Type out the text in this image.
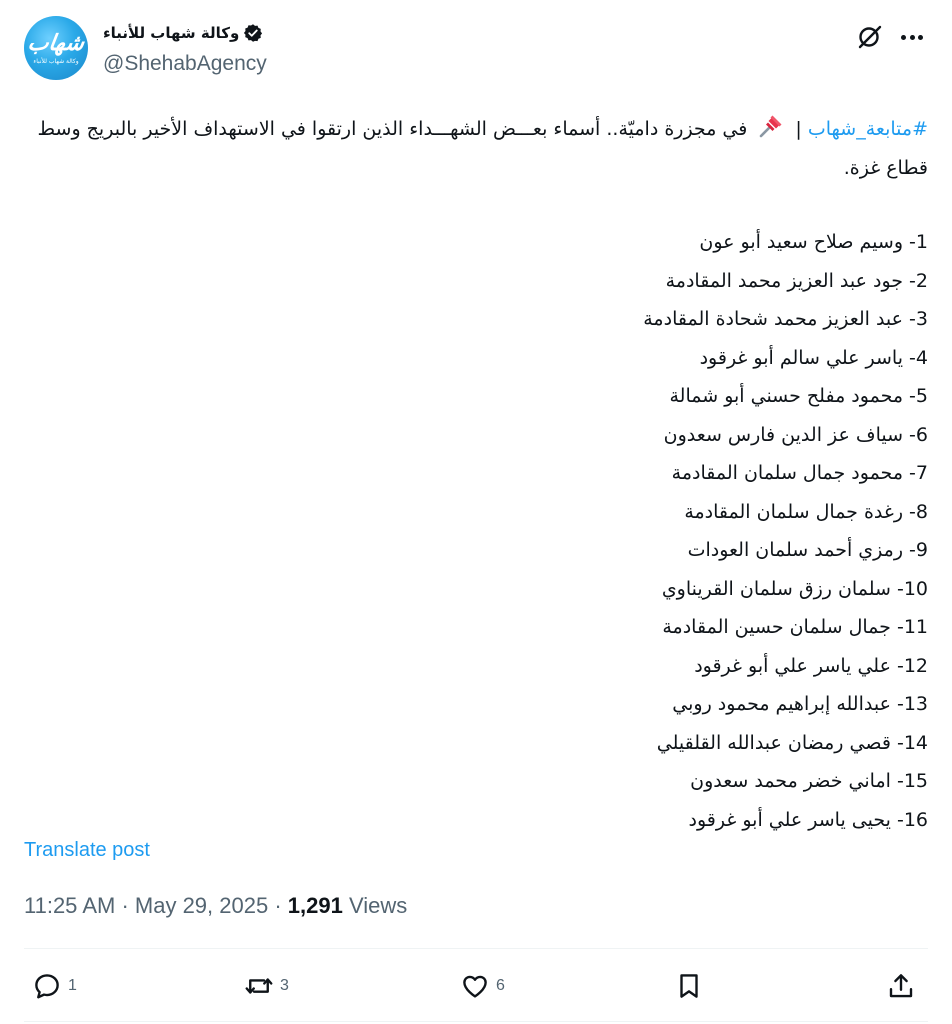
شهاب
وكالة شهاب للأنباء
وكالة شهاب للأنباء
@ShehabAgency
#متابعة_شهاب |  في مجزرة داميّة.. أسماء بعـــض الشهـــداء الذين ارتقوا في الاستهداف الأخير بالبريج وسط قطاع غزة.
1- وسيم صلاح سعيد أبو عون
2- جود عبد العزيز محمد المقادمة
3- عبد العزيز محمد شحادة المقادمة
4- ياسر علي سالم أبو غرقود
5- محمود مفلح حسني أبو شمالة
6- سياف عز الدين فارس سعدون
7- محمود جمال سلمان المقادمة
8- رغدة جمال سلمان المقادمة
9- رمزي أحمد سلمان العودات
10- سلمان رزق سلمان القريناوي
11- جمال سلمان حسين المقادمة
12- علي ياسر علي أبو غرقود
13- عبدالله إبراهيم محمود روبي
14- قصي رمضان عبدالله القلقيلي
15- اماني خضر محمد سعدون
16- يحيى ياسر علي أبو غرقود
Translate post
11:25 AM · May 29, 2025 · 1,291 Views
1	3	6
